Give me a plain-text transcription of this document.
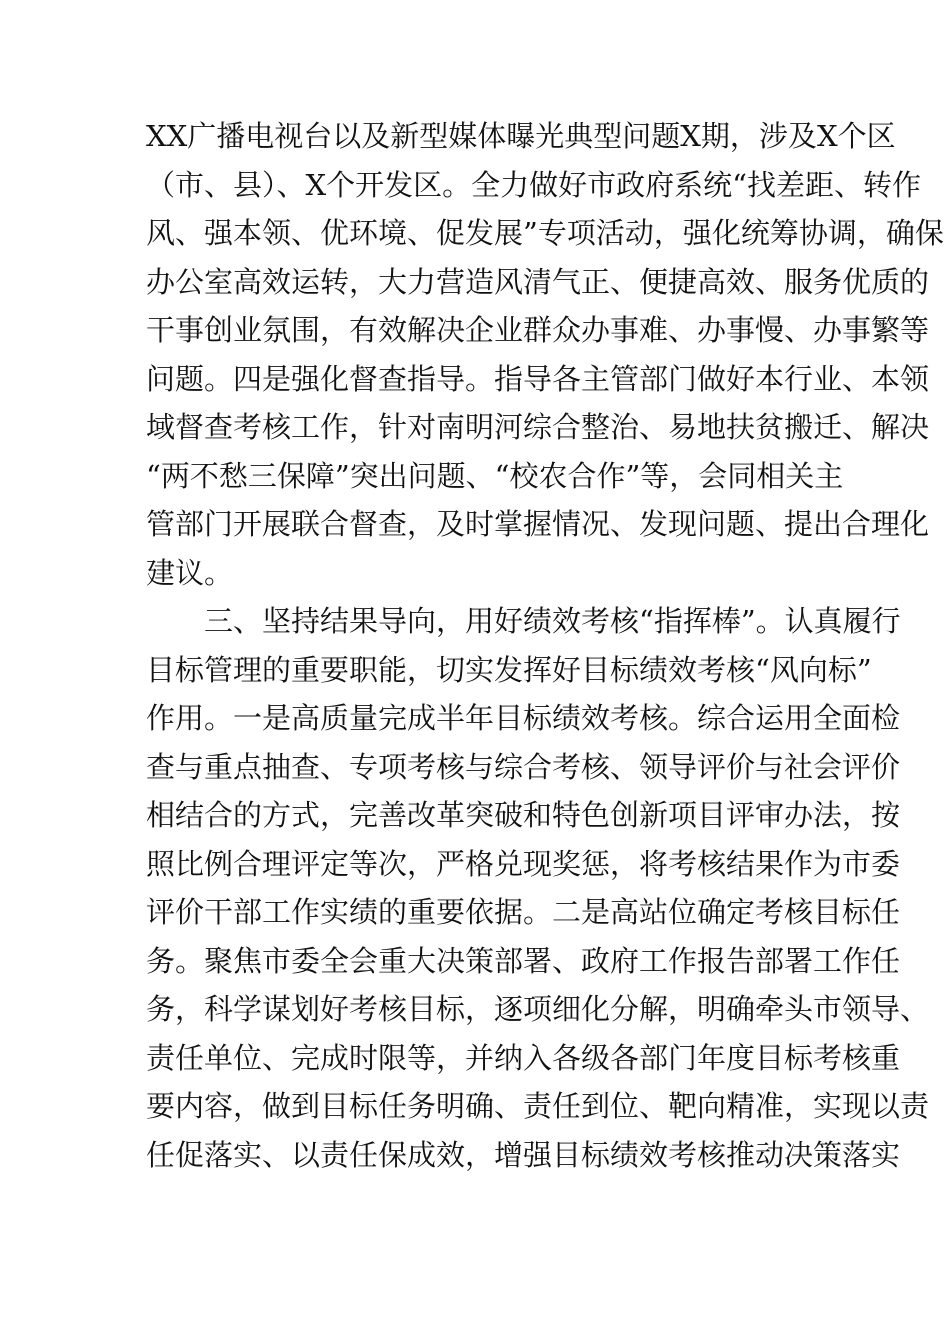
XX广播电视台以及新型媒体曝光典型问题X期，涉及X个区
（市、县）、X个开发区。全力做好市政府系统“找差距、转作
风、强本领、优环境、促发展”专项活动，强化统筹协调，确保
办公室高效运转，大力营造风清气正、便捷高效、服务优质的
干事创业氛围，有效解决企业群众办事难、办事慢、办事繁等
问题。四是强化督查指导。指导各主管部门做好本行业、本领
域督查考核工作，针对南明河综合整治、易地扶贫搬迁、解决
“两不愁三保障”突出问题、“校农合作”等，会同相关主
管部门开展联合督查，及时掌握情况、发现问题、提出合理化
建议。
三、坚持结果导向，用好绩效考核“指挥棒”。认真履行
目标管理的重要职能，切实发挥好目标绩效考核“风向标”
作用。一是高质量完成半年目标绩效考核。综合运用全面检
查与重点抽查、专项考核与综合考核、领导评价与社会评价
相结合的方式，完善改革突破和特色创新项目评审办法，按
照比例合理评定等次，严格兑现奖惩，将考核结果作为市委
评价干部工作实绩的重要依据。二是高站位确定考核目标任
务。聚焦市委全会重大决策部署、政府工作报告部署工作任
务，科学谋划好考核目标，逐项细化分解，明确牵头市领导、
责任单位、完成时限等，并纳入各级各部门年度目标考核重
要内容，做到目标任务明确、责任到位、靶向精准，实现以责
任促落实、以责任保成效，增强目标绩效考核推动决策落实
